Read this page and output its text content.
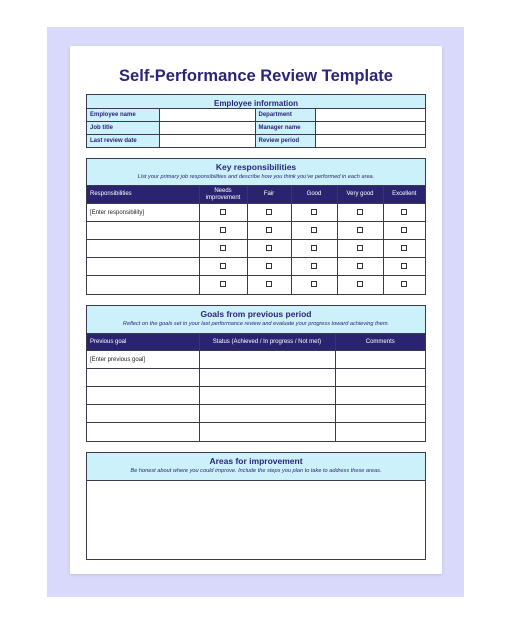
Self-Performance Review Template
Employee information
Employee name		Department	
Job title		Manager name	
Last review date		Review period	
Key responsibilities
List your primary job responsibilities and describe how you think you've performed in each area.
Responsibilities	Needs improvement	Fair	Good	Very good	Excellent
[Enter responsibility]					

Goals from previous period
Reflect on the goals set in your last performance review and evaluate your progress toward achieving them.
Previous goal	Status (Achieved / In progress / Not met)	Comments
[Enter previous goal]		

Areas for improvement
Be honest about where you could improve. Include the steps you plan to take to address these areas.
